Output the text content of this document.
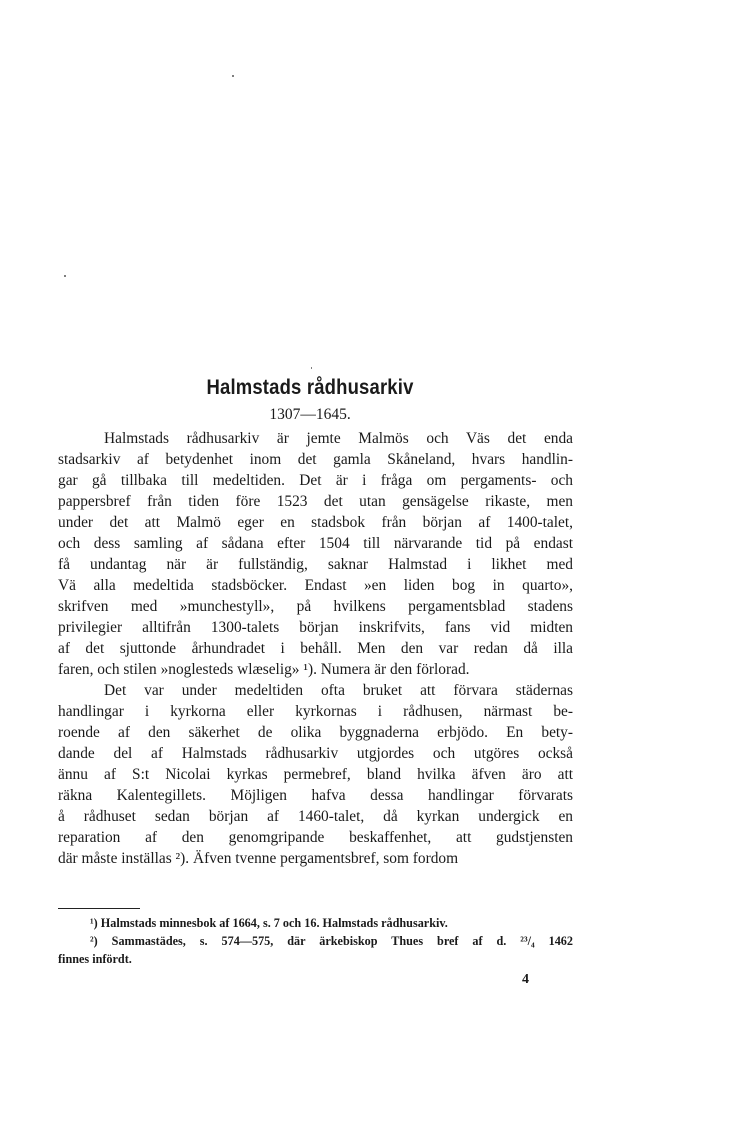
Halmstads rådhusarkiv
1307—1645.
Halmstads rådhusarkiv är jemte Malmös och Väs det enda
stadsarkiv af betydenhet inom det gamla Skåneland, hvars handlin-
gar gå tillbaka till medeltiden. Det är i fråga om pergaments- och
pappersbref från tiden före 1523 det utan gensägelse rikaste, men
under det att Malmö eger en stadsbok från början af 1400-talet,
och dess samling af sådana efter 1504 till närvarande tid på endast
få undantag när är fullständig, saknar Halmstad i likhet med
Vä alla medeltida stadsböcker. Endast »en liden bog in quarto»,
skrifven med »munchestyll», på hvilkens pergamentsblad stadens
privilegier alltifrån 1300-talets början inskrifvits, fans vid midten
af det sjuttonde århundradet i behåll. Men den var redan då illa
faren, och stilen »noglesteds wlæselig» ¹). Numera är den förlorad.
Det var under medeltiden ofta bruket att förvara städernas
handlingar i kyrkorna eller kyrkornas i rådhusen, närmast be-
roende af den säkerhet de olika byggnaderna erbjödo. En bety-
dande del af Halmstads rådhusarkiv utgjordes och utgöres också
ännu af S:t Nicolai kyrkas permebref, bland hvilka äfven äro att
räkna Kalentegillets. Möjligen hafva dessa handlingar förvarats
å rådhuset sedan början af 1460-talet, då kyrkan undergick en
reparation af den genomgripande beskaffenhet, att gudstjensten
där måste inställas ²). Äfven tvenne pergamentsbref, som fordom
¹) Halmstads minnesbok af 1664, s. 7 och 16. Halmstads rådhusarkiv.
²) Sammastädes, s. 574—575, där ärkebiskop Thues bref af d. ²³/₄ 1462
finnes infördt.
4
